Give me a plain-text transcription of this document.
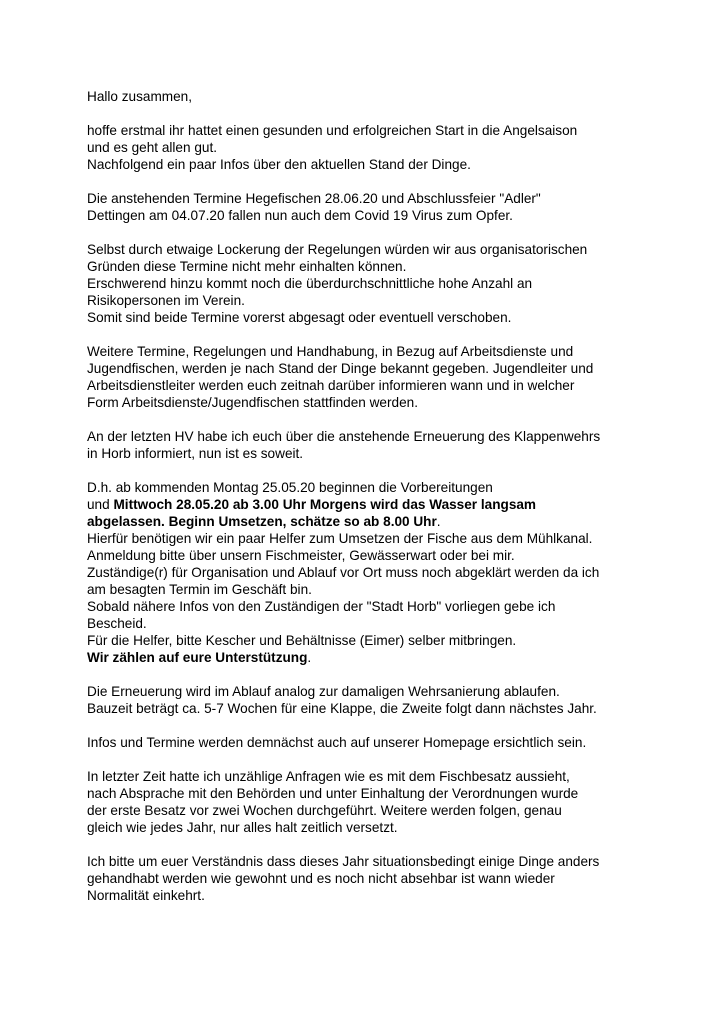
Hallo zusammen,
hoffe erstmal ihr hattet einen gesunden und erfolgreichen Start in die Angelsaison
und es geht allen gut.
Nachfolgend ein paar Infos über den aktuellen Stand der Dinge.
Die anstehenden Termine Hegefischen 28.06.20 und Abschlussfeier "Adler"
Dettingen am 04.07.20 fallen nun auch dem Covid 19 Virus zum Opfer.
Selbst durch etwaige Lockerung der Regelungen würden wir aus organisatorischen
Gründen diese Termine nicht mehr einhalten können.
Erschwerend hinzu kommt noch die überdurchschnittliche hohe Anzahl an
Risikopersonen im Verein.
Somit sind beide Termine vorerst abgesagt oder eventuell verschoben.
Weitere Termine, Regelungen und Handhabung, in Bezug auf Arbeitsdienste und
Jugendfischen, werden je nach Stand der Dinge bekannt gegeben. Jugendleiter und
Arbeitsdienstleiter werden euch zeitnah darüber informieren wann und in welcher
Form Arbeitsdienste/Jugendfischen stattfinden werden.
An der letzten HV habe ich euch über die anstehende Erneuerung des Klappenwehrs
in Horb informiert, nun ist es soweit.
D.h. ab kommenden Montag 25.05.20 beginnen die Vorbereitungen
und Mittwoch 28.05.20 ab 3.00 Uhr Morgens wird das Wasser langsam
abgelassen. Beginn Umsetzen, schätze so ab 8.00 Uhr.
Hierfür benötigen wir ein paar Helfer zum Umsetzen der Fische aus dem Mühlkanal.
Anmeldung bitte über unsern Fischmeister, Gewässerwart oder bei mir.
Zuständige(r) für Organisation und Ablauf vor Ort muss noch abgeklärt werden da ich
am besagten Termin im Geschäft bin.
Sobald nähere Infos von den Zuständigen der "Stadt Horb" vorliegen gebe ich
Bescheid.
Für die Helfer, bitte Kescher und Behältnisse (Eimer) selber mitbringen.
Wir zählen auf eure Unterstützung.
Die Erneuerung wird im Ablauf analog zur damaligen Wehrsanierung ablaufen.
Bauzeit beträgt ca. 5-7 Wochen für eine Klappe, die Zweite folgt dann nächstes Jahr.
Infos und Termine werden demnächst auch auf unserer Homepage ersichtlich sein.
In letzter Zeit hatte ich unzählige Anfragen wie es mit dem Fischbesatz aussieht,
nach Absprache mit den Behörden und unter Einhaltung der Verordnungen wurde
der erste Besatz vor zwei Wochen durchgeführt. Weitere werden folgen, genau
gleich wie jedes Jahr, nur alles halt zeitlich versetzt.
Ich bitte um euer Verständnis dass dieses Jahr situationsbedingt einige Dinge anders
gehandhabt werden wie gewohnt und es noch nicht absehbar ist wann wieder
Normalität einkehrt.
